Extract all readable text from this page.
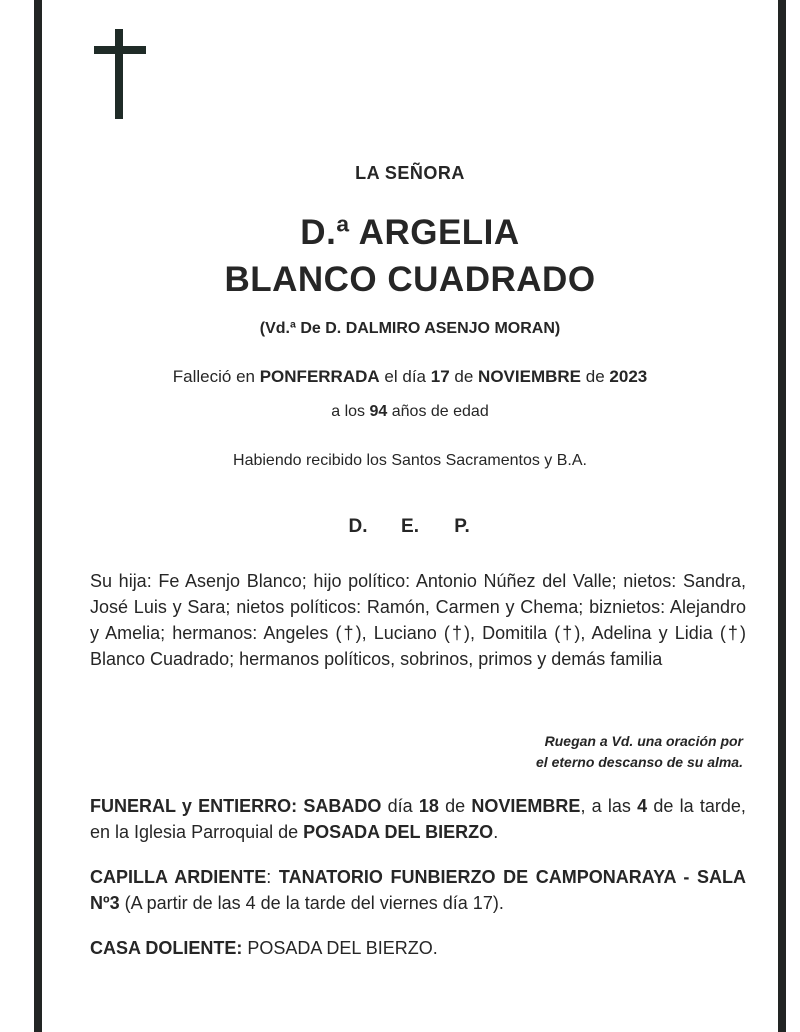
LA SEÑORA
D.ª ARGELIA
BLANCO CUADRADO
(Vd.ª De D. DALMIRO ASENJO MORAN)
Falleció en PONFERRADA el día 17 de NOVIEMBRE de 2023
a los 94 años de edad
Habiendo recibido los Santos Sacramentos y B.A.
D. E. P.
Su hija: Fe Asenjo Blanco; hijo político: Antonio Núñez del Valle; nietos: Sandra, José Luis y Sara; nietos políticos: Ramón, Carmen y Chema; biznietos: Alejandro y Amelia; hermanos: Angeles (†), Luciano (†), Domitila (†), Adelina y Lidia (†) Blanco Cuadrado; hermanos políticos, sobrinos, primos y demás familia
Ruegan a Vd. una oración por
el eterno descanso de su alma.
FUNERAL y ENTIERRO: SABADO día 18 de NOVIEMBRE, a las 4 de la tarde, en la Iglesia Parroquial de POSADA DEL BIERZO.
CAPILLA ARDIENTE: TANATORIO FUNBIERZO DE CAMPONARAYA - SALA Nº3 (A partir de las 4 de la tarde del viernes día 17).
CASA DOLIENTE: POSADA DEL BIERZO.
